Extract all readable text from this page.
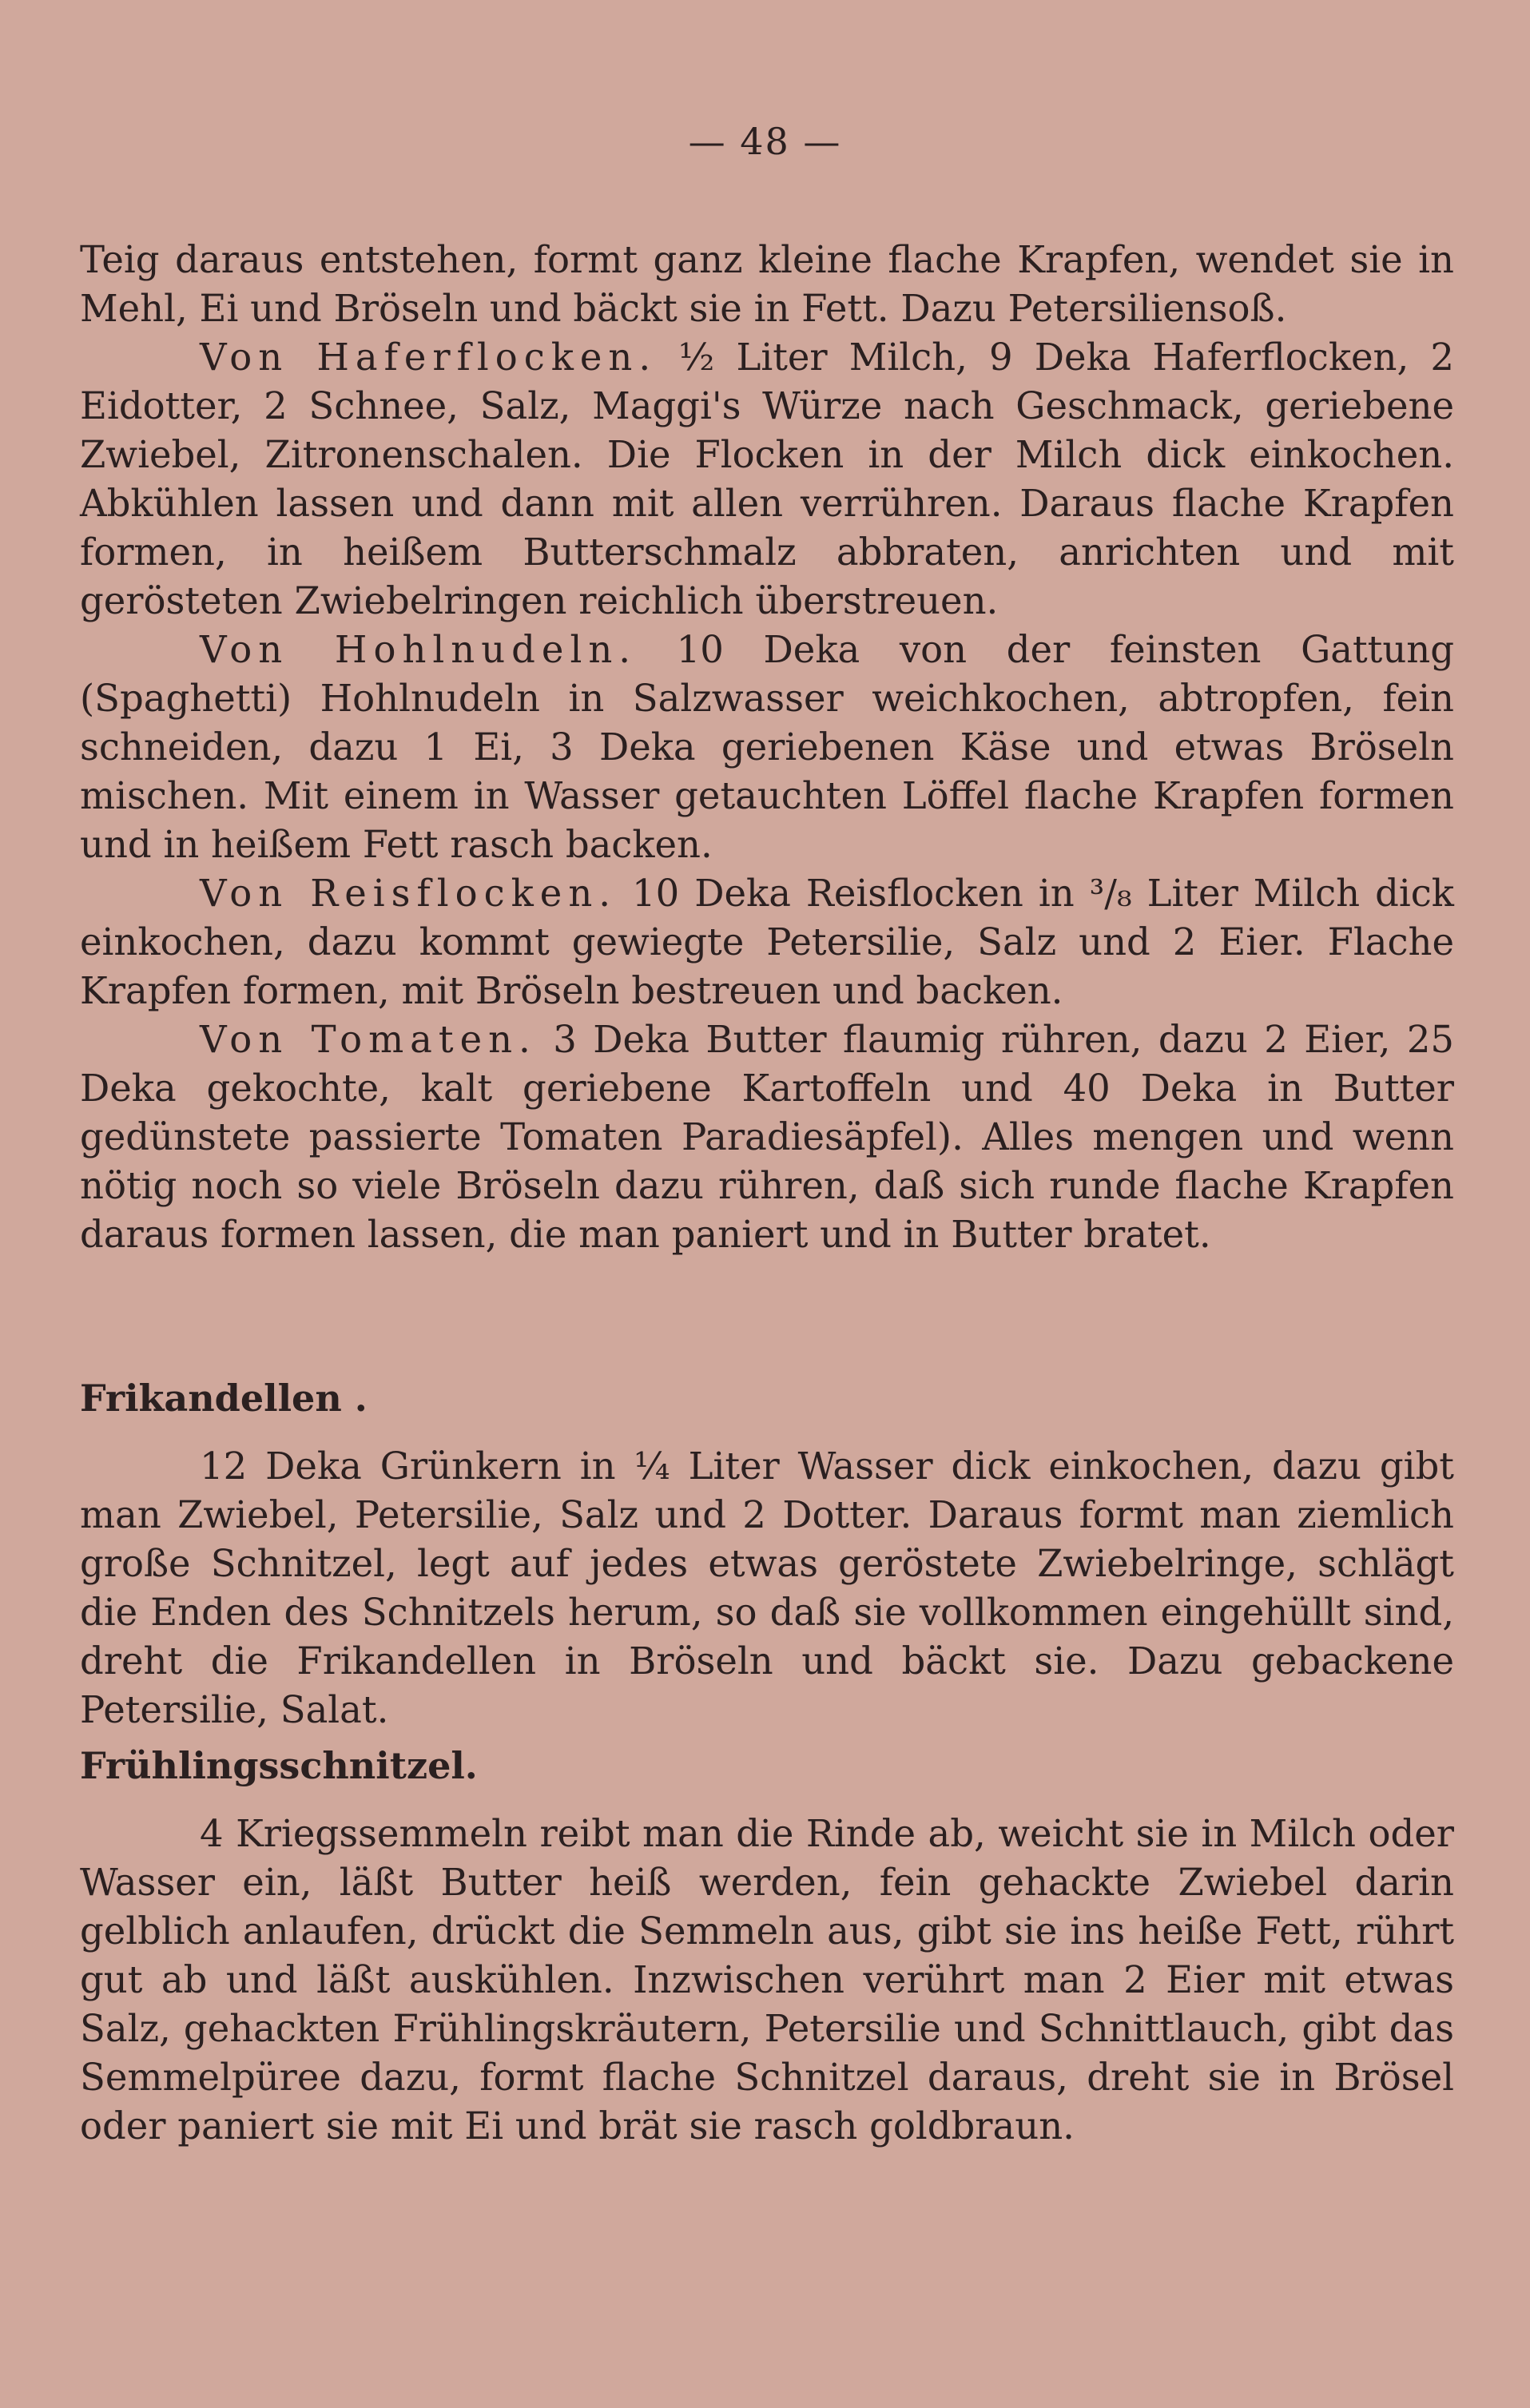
— 48 —

Teig daraus entstehen, formt ganz kleine flache Krapfen, wendet sie in Mehl, Ei und Bröseln und bäckt sie in Fett. Dazu Petersiliensoß.

Von Haferflocken. ½ Liter Milch, 9 Deka Haferflocken, 2 Eidotter, 2 Schnee, Salz, Maggi's Würze nach Geschmack, geriebene Zwiebel, Zitronenschalen. Die Flocken in der Milch dick einkochen. Abkühlen lassen und dann mit allen verrühren. Daraus flache Krapfen formen, in heißem Butterschmalz abbraten, anrichten und mit gerösteten Zwiebelringen reichlich überstreuen.

Von Hohlnudeln. 10 Deka von der feinsten Gattung (Spaghetti) Hohlnudeln in Salzwasser weichkochen, abtropfen, fein schneiden, dazu 1 Ei, 3 Deka geriebenen Käse und etwas Bröseln mischen. Mit einem in Wasser getauchten Löffel flache Krapfen formen und in heißem Fett rasch backen.

Von Reisflocken. 10 Deka Reisflocken in ³/₈ Liter Milch dick einkochen, dazu kommt gewiegte Petersilie, Salz und 2 Eier. Flache Krapfen formen, mit Bröseln bestreuen und backen.

Von Tomaten. 3 Deka Butter flaumig rühren, dazu 2 Eier, 25 Deka gekochte, kalt geriebene Kartoffeln und 40 Deka in Butter gedünstete passierte Tomaten Paradiesäpfel). Alles mengen und wenn nötig noch so viele Bröseln dazu rühren, daß sich runde flache Krapfen daraus formen lassen, die man paniert und in Butter bratet.

Frikandellen .

12 Deka Grünkern in ¼ Liter Wasser dick einkochen, dazu gibt man Zwiebel, Petersilie, Salz und 2 Dotter. Daraus formt man ziemlich große Schnitzel, legt auf jedes etwas geröstete Zwiebelringe, schlägt die Enden des Schnitzels herum, so daß sie vollkommen eingehüllt sind, dreht die Frikandellen in Bröseln und bäckt sie. Dazu gebackene Petersilie, Salat.

Frühlingsschnitzel.

4 Kriegssemmeln reibt man die Rinde ab, weicht sie in Milch oder Wasser ein, läßt Butter heiß werden, fein gehackte Zwiebel darin gelblich anlaufen, drückt die Semmeln aus, gibt sie ins heiße Fett, rührt gut ab und läßt auskühlen. Inzwischen verührt man 2 Eier mit etwas Salz, gehackten Frühlingskräutern, Petersilie und Schnittlauch, gibt das Semmelpüree dazu, formt flache Schnitzel daraus, dreht sie in Brösel oder paniert sie mit Ei und brät sie rasch goldbraun.
